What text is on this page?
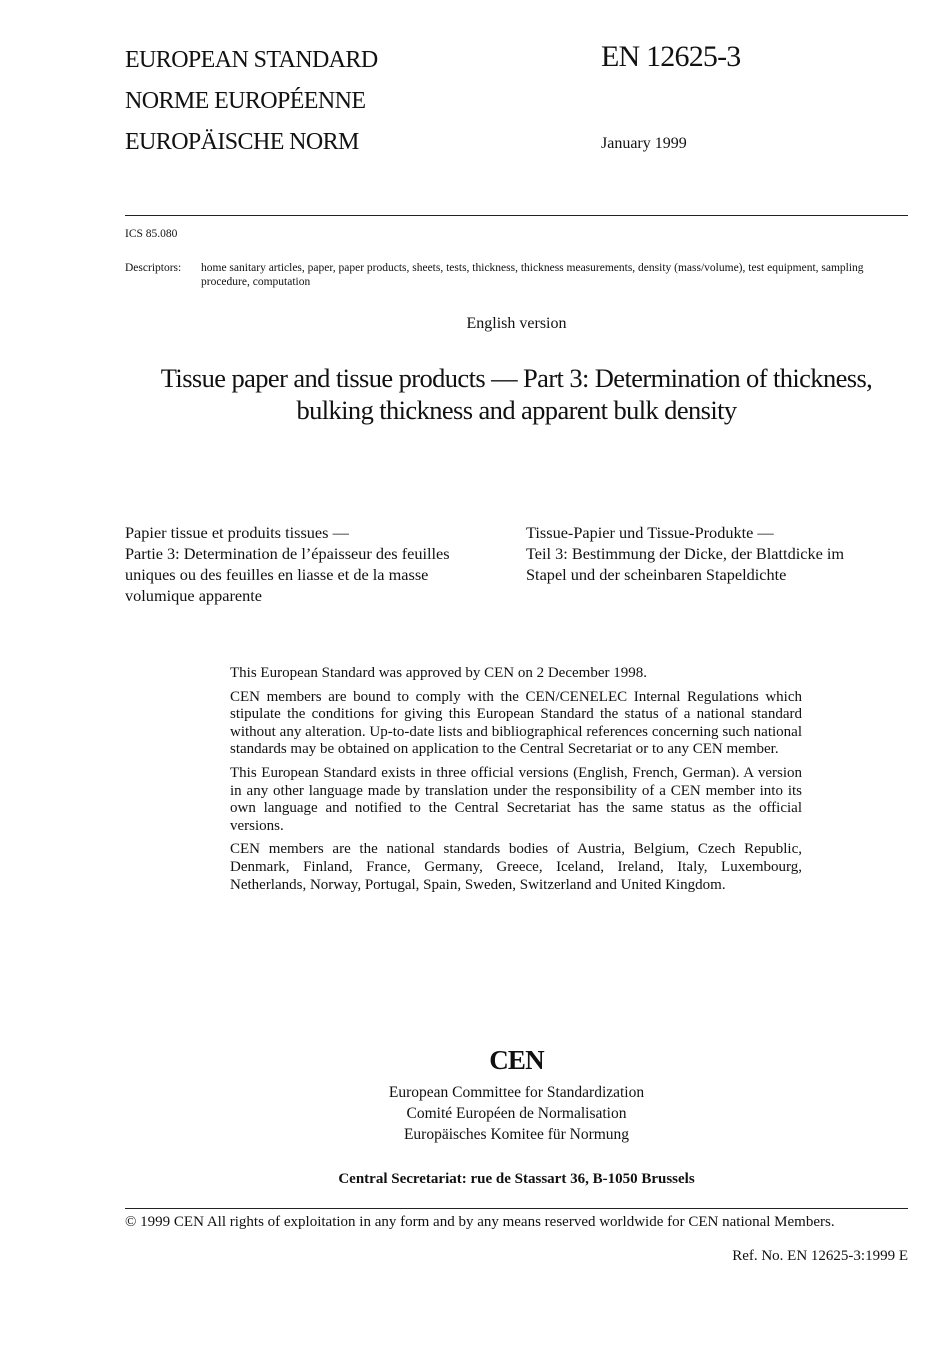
EUROPEAN STANDARD
NORME EUROPÉENNE
EUROPÄISCHE NORM
EN 12625-3
January 1999
ICS 85.080
Descriptors:	home sanitary articles, paper, paper products, sheets, tests, thickness, thickness measurements, density (mass/volume), test equipment, sampling procedure, computation
English version
Tissue paper and tissue products — Part 3: Determination of thickness, bulking thickness and apparent bulk density
Papier tissue et produits tissues —
Partie 3: Determination de l’épaisseur des feuilles
uniques ou des feuilles en liasse et de la masse
volumique apparente
Tissue-Papier und Tissue-Produkte —
Teil 3: Bestimmung der Dicke, der Blattdicke im
Stapel und der scheinbaren Stapeldichte

This European Standard was approved by CEN on 2 December 1998.

CEN members are bound to comply with the CEN/CENELEC Internal Regulations which stipulate the conditions for giving this European Standard the status of a national standard without any alteration. Up-to-date lists and bibliographical references concerning such national standards may be obtained on application to the Central Secretariat or to any CEN member.

This European Standard exists in three official versions (English, French, German). A version in any other language made by translation under the responsibility of a CEN member into its own language and notified to the Central Secretariat has the same status as the official versions.

CEN members are the national standards bodies of Austria, Belgium, Czech Republic, Denmark, Finland, France, Germany, Greece, Iceland, Ireland, Italy, Luxembourg, Netherlands, Norway, Portugal, Spain, Sweden, Switzerland and United Kingdom.

CEN
European Committee for Standardization
Comité Européen de Normalisation
Europäisches Komitee für Normung
Central Secretariat: rue de Stassart 36, B-1050 Brussels
© 1999 CEN All rights of exploitation in any form and by any means reserved worldwide for CEN national Members.
Ref. No. EN 12625-3:1999 E
